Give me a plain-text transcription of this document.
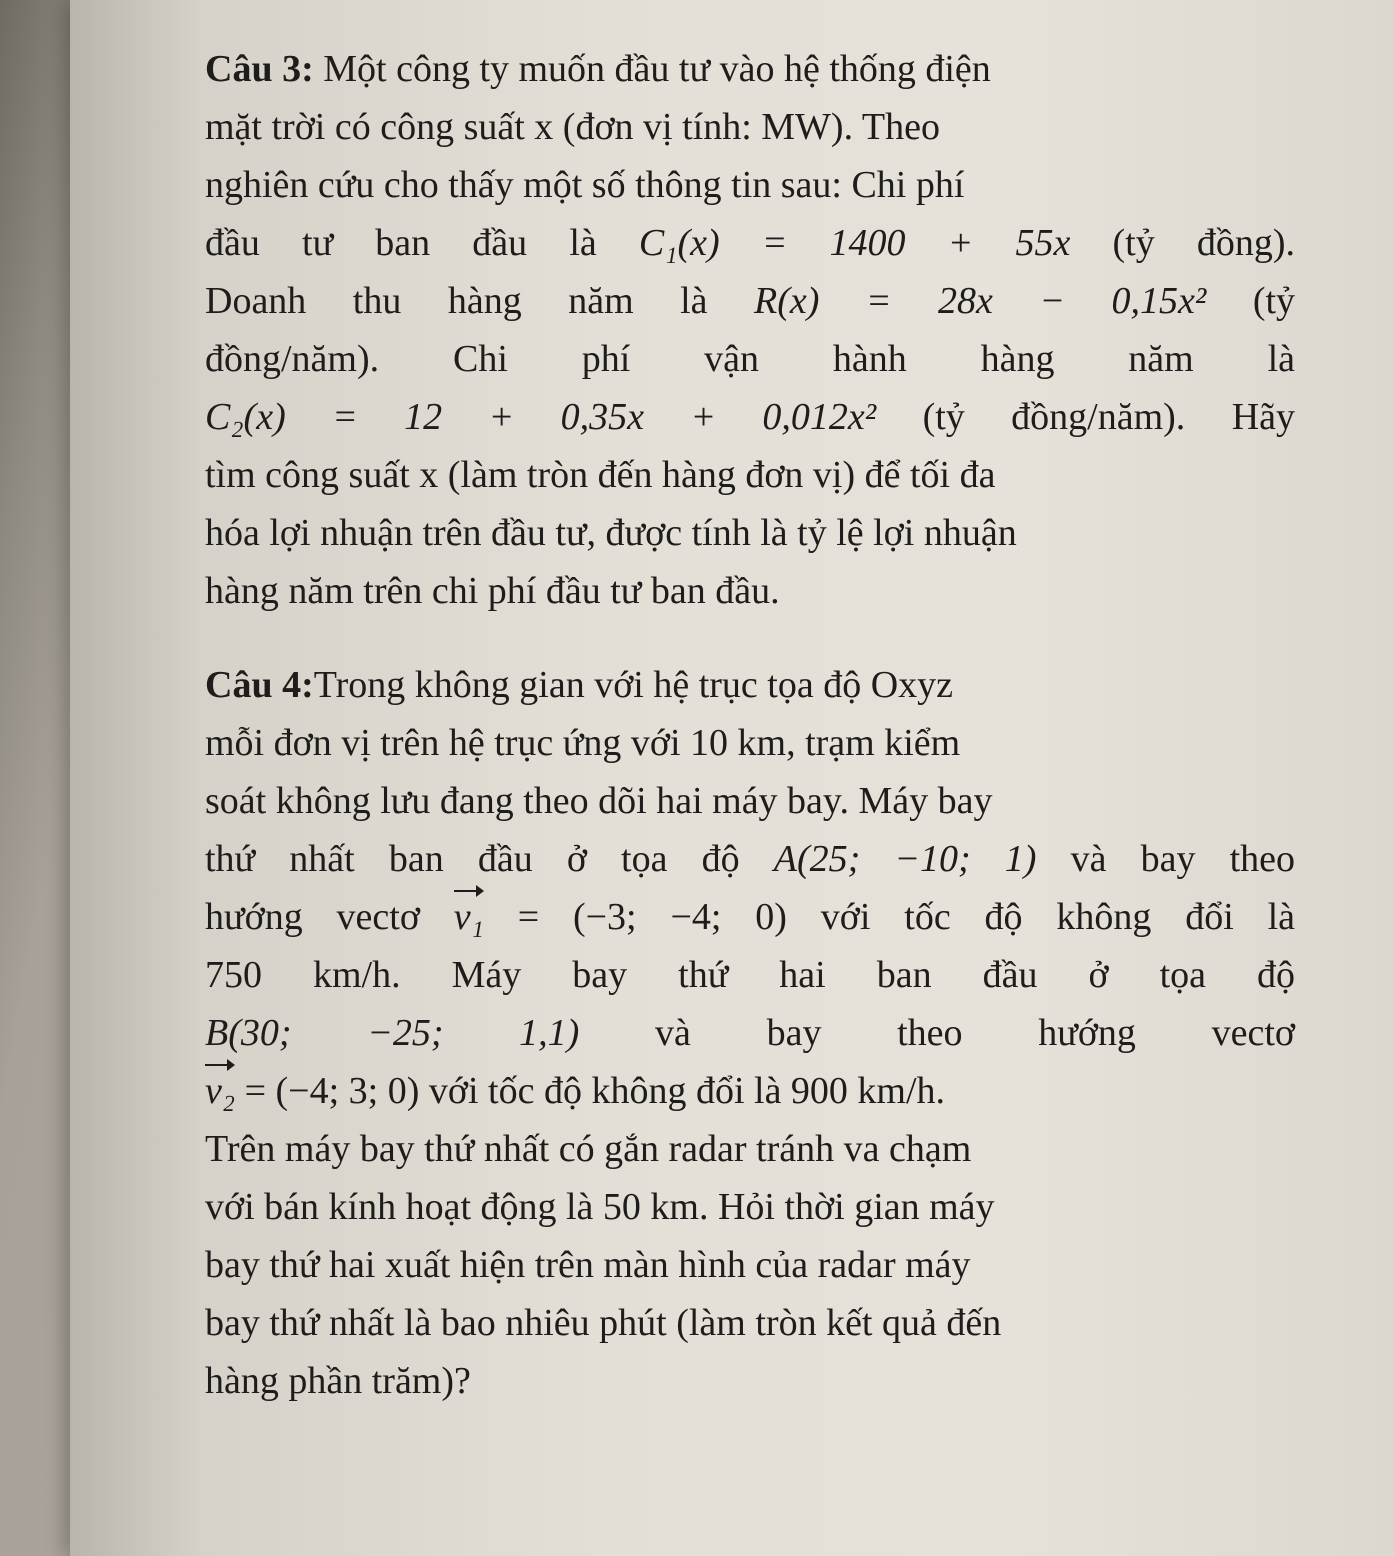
Câu 3: Một công ty muốn đầu tư vào hệ thống điện
mặt trời có công suất x (đơn vị tính: MW). Theo
nghiên cứu cho thấy một số thông tin sau: Chi phí
đầu tư ban đầu là C₁(x) = 1400 + 55x (tỷ đồng).
Doanh thu hàng năm là R(x) = 28x − 0,15x² (tỷ
đồng/năm). Chi phí vận hành hàng năm là
C₂(x) = 12 + 0,35x + 0,012x² (tỷ đồng/năm). Hãy
tìm công suất x (làm tròn đến hàng đơn vị) để tối đa
hóa lợi nhuận trên đầu tư, được tính là tỷ lệ lợi nhuận
hàng năm trên chi phí đầu tư ban đầu.
Câu 4:Trong không gian với hệ trục tọa độ Oxyz
mỗi đơn vị trên hệ trục ứng với 10 km, trạm kiểm
soát không lưu đang theo dõi hai máy bay. Máy bay
thứ nhất ban đầu ở tọa độ A(25; −10; 1) và bay theo
hướng vectơ v₁ = (−3; −4; 0) với tốc độ không đổi là
750 km/h. Máy bay thứ hai ban đầu ở tọa độ
B(30; −25; 1,1) và bay theo hướng vectơ
v₂ = (−4; 3; 0) với tốc độ không đổi là 900 km/h.
Trên máy bay thứ nhất có gắn radar tránh va chạm
với bán kính hoạt động là 50 km. Hỏi thời gian máy
bay thứ hai xuất hiện trên màn hình của radar máy
bay thứ nhất là bao nhiêu phút (làm tròn kết quả đến
hàng phần trăm)?
